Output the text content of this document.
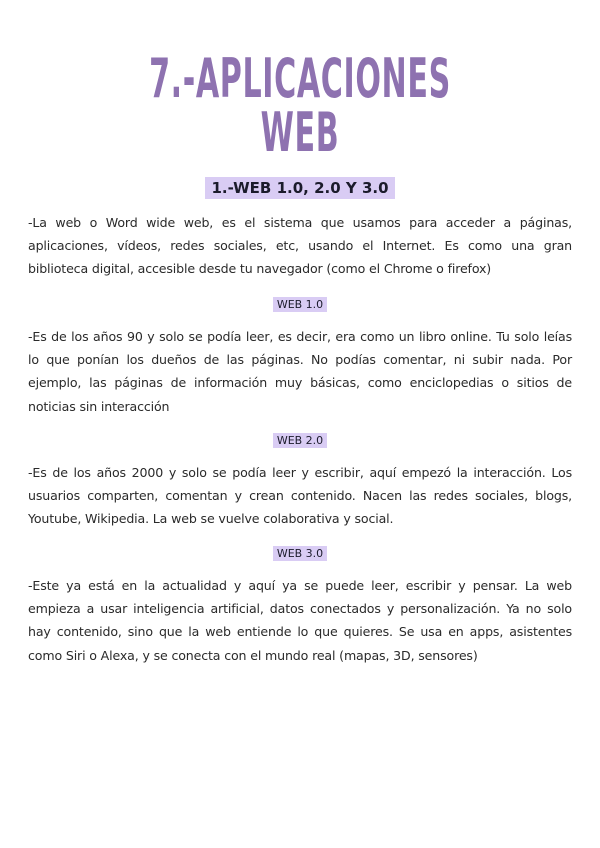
7.-APLICACIONES WEB
1.-WEB 1.0, 2.0 Y 3.0

-La web o Word wide web, es el sistema que usamos para acceder a páginas, aplicaciones, vídeos, redes sociales, etc, usando el Internet. Es como una gran biblioteca digital, accesible desde tu navegador (como el Chrome o firefox)

WEB 1.0

-Es de los años 90 y solo se podía leer, es decir, era como un libro online. Tu solo leías lo que ponían los dueños de las páginas. No podías comentar, ni subir nada. Por ejemplo, las páginas de información muy básicas, como enciclopedias o sitios de noticias sin interacción

WEB 2.0

-Es de los años 2000 y solo se podía leer y escribir, aquí empezó la interacción. Los usuarios comparten, comentan y crean contenido. Nacen las redes sociales, blogs, Youtube, Wikipedia. La web se vuelve colaborativa y social.

WEB 3.0

-Este ya está en la actualidad y aquí ya se puede leer, escribir y pensar. La web empieza a usar inteligencia artificial, datos conectados y personalización. Ya no solo hay contenido, sino que la web entiende lo que quieres. Se usa en apps, asistentes como Siri o Alexa, y se conecta con el mundo real (mapas, 3D, sensores)
